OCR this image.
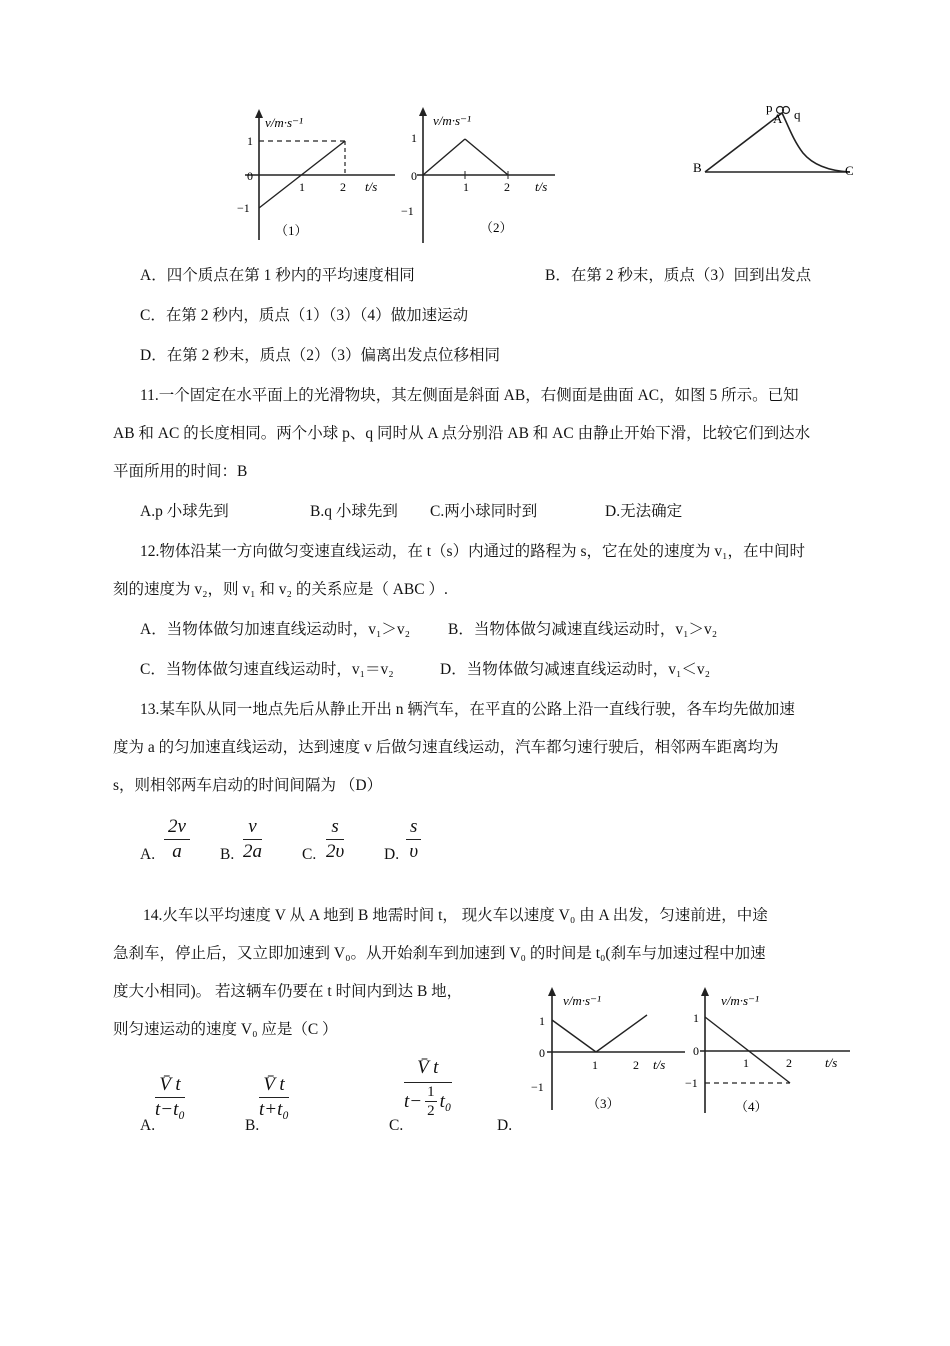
v/m·s⁻¹
t/s
1
0
−1
1	2
（1）
v/m·s⁻¹
t/s
1
0
−1
1	2
（2）
p
A q
B	C
A．四个质点在第 1 秒内的平均速度相同	B．在第 2 秒末，质点（3）回到出发点
C．在第 2 秒内，质点（1）（3）（4）做加速运动
D．在第 2 秒末，质点（2）（3）偏离出发点位移相同
11.一个固定在水平面上的光滑物块，其左侧面是斜面 AB，右侧面是曲面 AC，如图 5 所示。已知
AB 和 AC 的长度相同。两个小球 p、q 同时从 A 点分别沿 AB 和 AC 由静止开始下滑，比较它们到达水
平面所用的时间：B
A.p 小球先到	B.q 小球先到 C.两小球同时到	D.无法确定
12.物体沿某一方向做匀变速直线运动，在 t（s）内通过的路程为 s，它在处的速度为 v₁，在中间时
刻的速度为 v₂，则 v₁ 和 v₂ 的关系应是（ ABC ）.
A．当物体做匀加速直线运动时，v₁＞v₂ B．当物体做匀减速直线运动时，v₁＞v₂
C．当物体做匀速直线运动时，v₁＝v₂	D．当物体做匀减速直线运动时，v₁＜v₂
13.某车队从同一地点先后从静止开出 n 辆汽车，在平直的公路上沿一直线行驶，各车均先做加速
度为 a 的匀加速直线运动，达到速度 v 后做匀速直线运动，汽车都匀速行驶后，相邻两车距离均为
s，则相邻两车启动的时间间隔为 （D）
A. $\frac{2v}{a} B$. $\frac{v}{2a}$	C. $\frac{s}{2\upsilon}$	D. $\frac{s}{\upsilon}$
14.火车以平均速度 V 从 A 地到 B 地需时间 t， 现火车以速度 V₀ 由 A 出发，匀速前进，中途
急刹车，停止后，又立即加速到 V₀。从开始刹车到加速到 V₀ 的时间是 t₀(刹车与加速过程中加速
度大小相同)。 若这辆车仍要在 t 时间内到达 B 地，
则匀速运动的速度 V₀ 应是（C ）
v/m·s⁻¹
t/s
1
0
−1
1	2
（3）
v/m·s⁻¹
t/s
1
0
−1
1	2
（4）
A.
$\frac{V̄ t}{\text{t−t₀}}$
B.
$\frac{V̄ t}{\text{t+t₀}}$
C.
$\frac{V̄ t}{t- \frac{1}{2} t_0}$
D.
